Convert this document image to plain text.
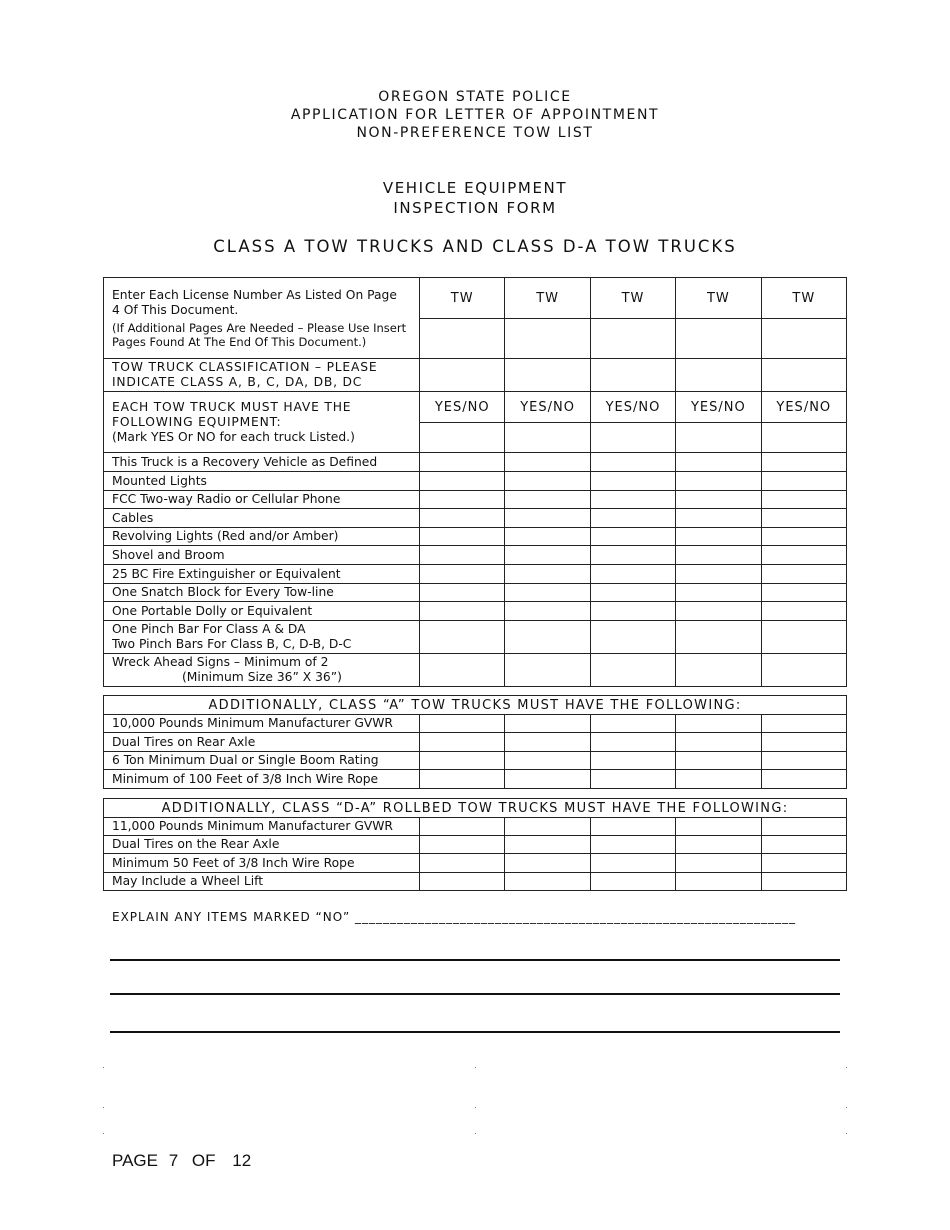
OREGON STATE POLICE
APPLICATION FOR LETTER OF APPOINTMENT
NON-PREFERENCE TOW LIST
VEHICLE EQUIPMENT
INSPECTION FORM
CLASS A TOW TRUCKS AND CLASS D-A TOW TRUCKS
Enter Each License Number As Listed On Page
4 Of This Document.
(If Additional Pages Are Needed – Please Use Insert
Pages Found At The End Of This Document.)	TW	TW	TW	TW	TW

TOW TRUCK CLASSIFICATION – PLEASE
INDICATE CLASS A, B, C, DA, DB, DC					

EACH TOW TRUCK MUST HAVE THE
FOLLOWING EQUIPMENT:
(Mark YES Or NO for each truck Listed.)	YES/NO	YES/NO	YES/NO	YES/NO	YES/NO

This Truck is a Recovery Vehicle as Defined					
Mounted Lights					
FCC Two-way Radio or Cellular Phone					
Cables					
Revolving Lights (Red and/or Amber)					
Shovel and Broom					
25 BC Fire Extinguisher or Equivalent					
One Snatch Block for Every Tow-line					
One Portable Dolly or Equivalent					

One Pinch Bar For Class A & DA
Two Pinch Bars For Class B, C, D-B, D-C					

Wreck Ahead Signs – Minimum of 2
(Minimum Size 36” X 36”)					

ADDITIONALLY, CLASS “A” TOW TRUCKS MUST HAVE THE FOLLOWING:					
10,000 Pounds Minimum Manufacturer GVWR					
Dual Tires on Rear Axle					
6 Ton Minimum Dual or Single Boom Rating					
Minimum of 100 Feet of 3/8 Inch Wire Rope					
ADDITIONALLY, CLASS “D-A” ROLLBED TOW TRUCKS MUST HAVE THE FOLLOWING:					
11,000 Pounds Minimum Manufacturer GVWR					
Dual Tires on the Rear Axle					
Minimum 50 Feet of 3/8 Inch Wire Rope					
May Include a Wheel Lift					
EXPLAIN ANY ITEMS MARKED “NO” _______________________________________________________________
PAGE 7 OF 12
